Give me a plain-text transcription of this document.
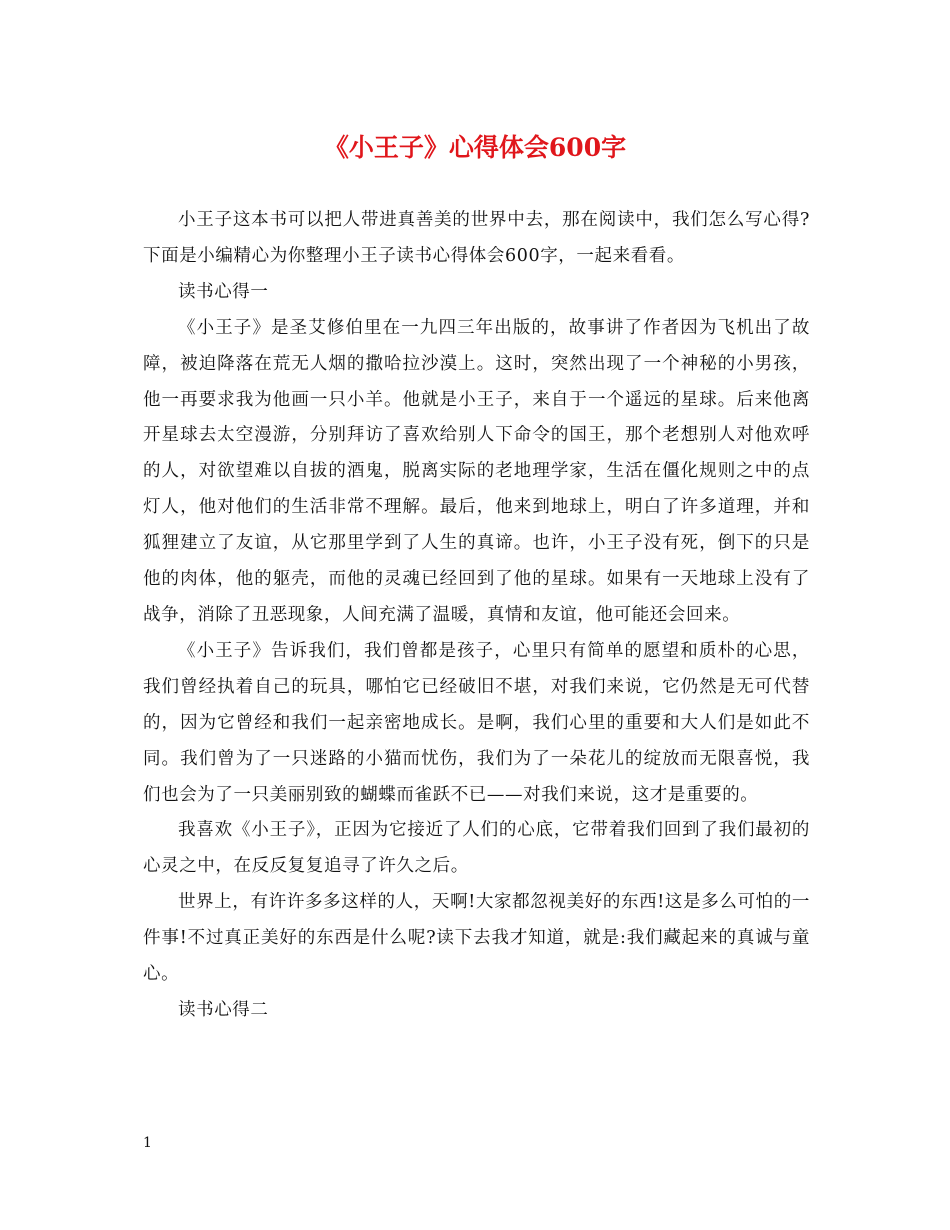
《小王子》心得体会600字

小王子这本书可以把人带进真善美的世界中去，那在阅读中，我们怎么写心得?下面是小编精心为你整理小王子读书心得体会600字，一起来看看。

读书心得一

《小王子》是圣艾修伯里在一九四三年出版的，故事讲了作者因为飞机出了故障，被迫降落在荒无人烟的撒哈拉沙漠上。这时，突然出现了一个神秘的小男孩，他一再要求我为他画一只小羊。他就是小王子，来自于一个遥远的星球。后来他离开星球去太空漫游，分别拜访了喜欢给别人下命令的国王，那个老想别人对他欢呼的人，对欲望难以自拔的酒鬼，脱离实际的老地理学家，生活在僵化规则之中的点灯人，他对他们的生活非常不理解。最后，他来到地球上，明白了许多道理，并和狐狸建立了友谊，从它那里学到了人生的真谛。也许，小王子没有死，倒下的只是他的肉体，他的躯壳，而他的灵魂已经回到了他的星球。如果有一天地球上没有了战争，消除了丑恶现象，人间充满了温暖，真情和友谊，他可能还会回来。

《小王子》告诉我们，我们曾都是孩子，心里只有简单的愿望和质朴的心思，我们曾经执着自己的玩具，哪怕它已经破旧不堪，对我们来说，它仍然是无可代替的，因为它曾经和我们一起亲密地成长。是啊，我们心里的重要和大人们是如此不同。我们曾为了一只迷路的小猫而忧伤，我们为了一朵花儿的绽放而无限喜悦，我们也会为了一只美丽别致的蝴蝶而雀跃不已——对我们来说，这才是重要的。

我喜欢《小王子》，正因为它接近了人们的心底，它带着我们回到了我们最初的心灵之中，在反反复复追寻了许久之后。

世界上，有许许多多这样的人，天啊!大家都忽视美好的东西!这是多么可怕的一件事!不过真正美好的东西是什么呢?读下去我才知道，就是:我们藏起来的真诚与童心。

读书心得二

1
